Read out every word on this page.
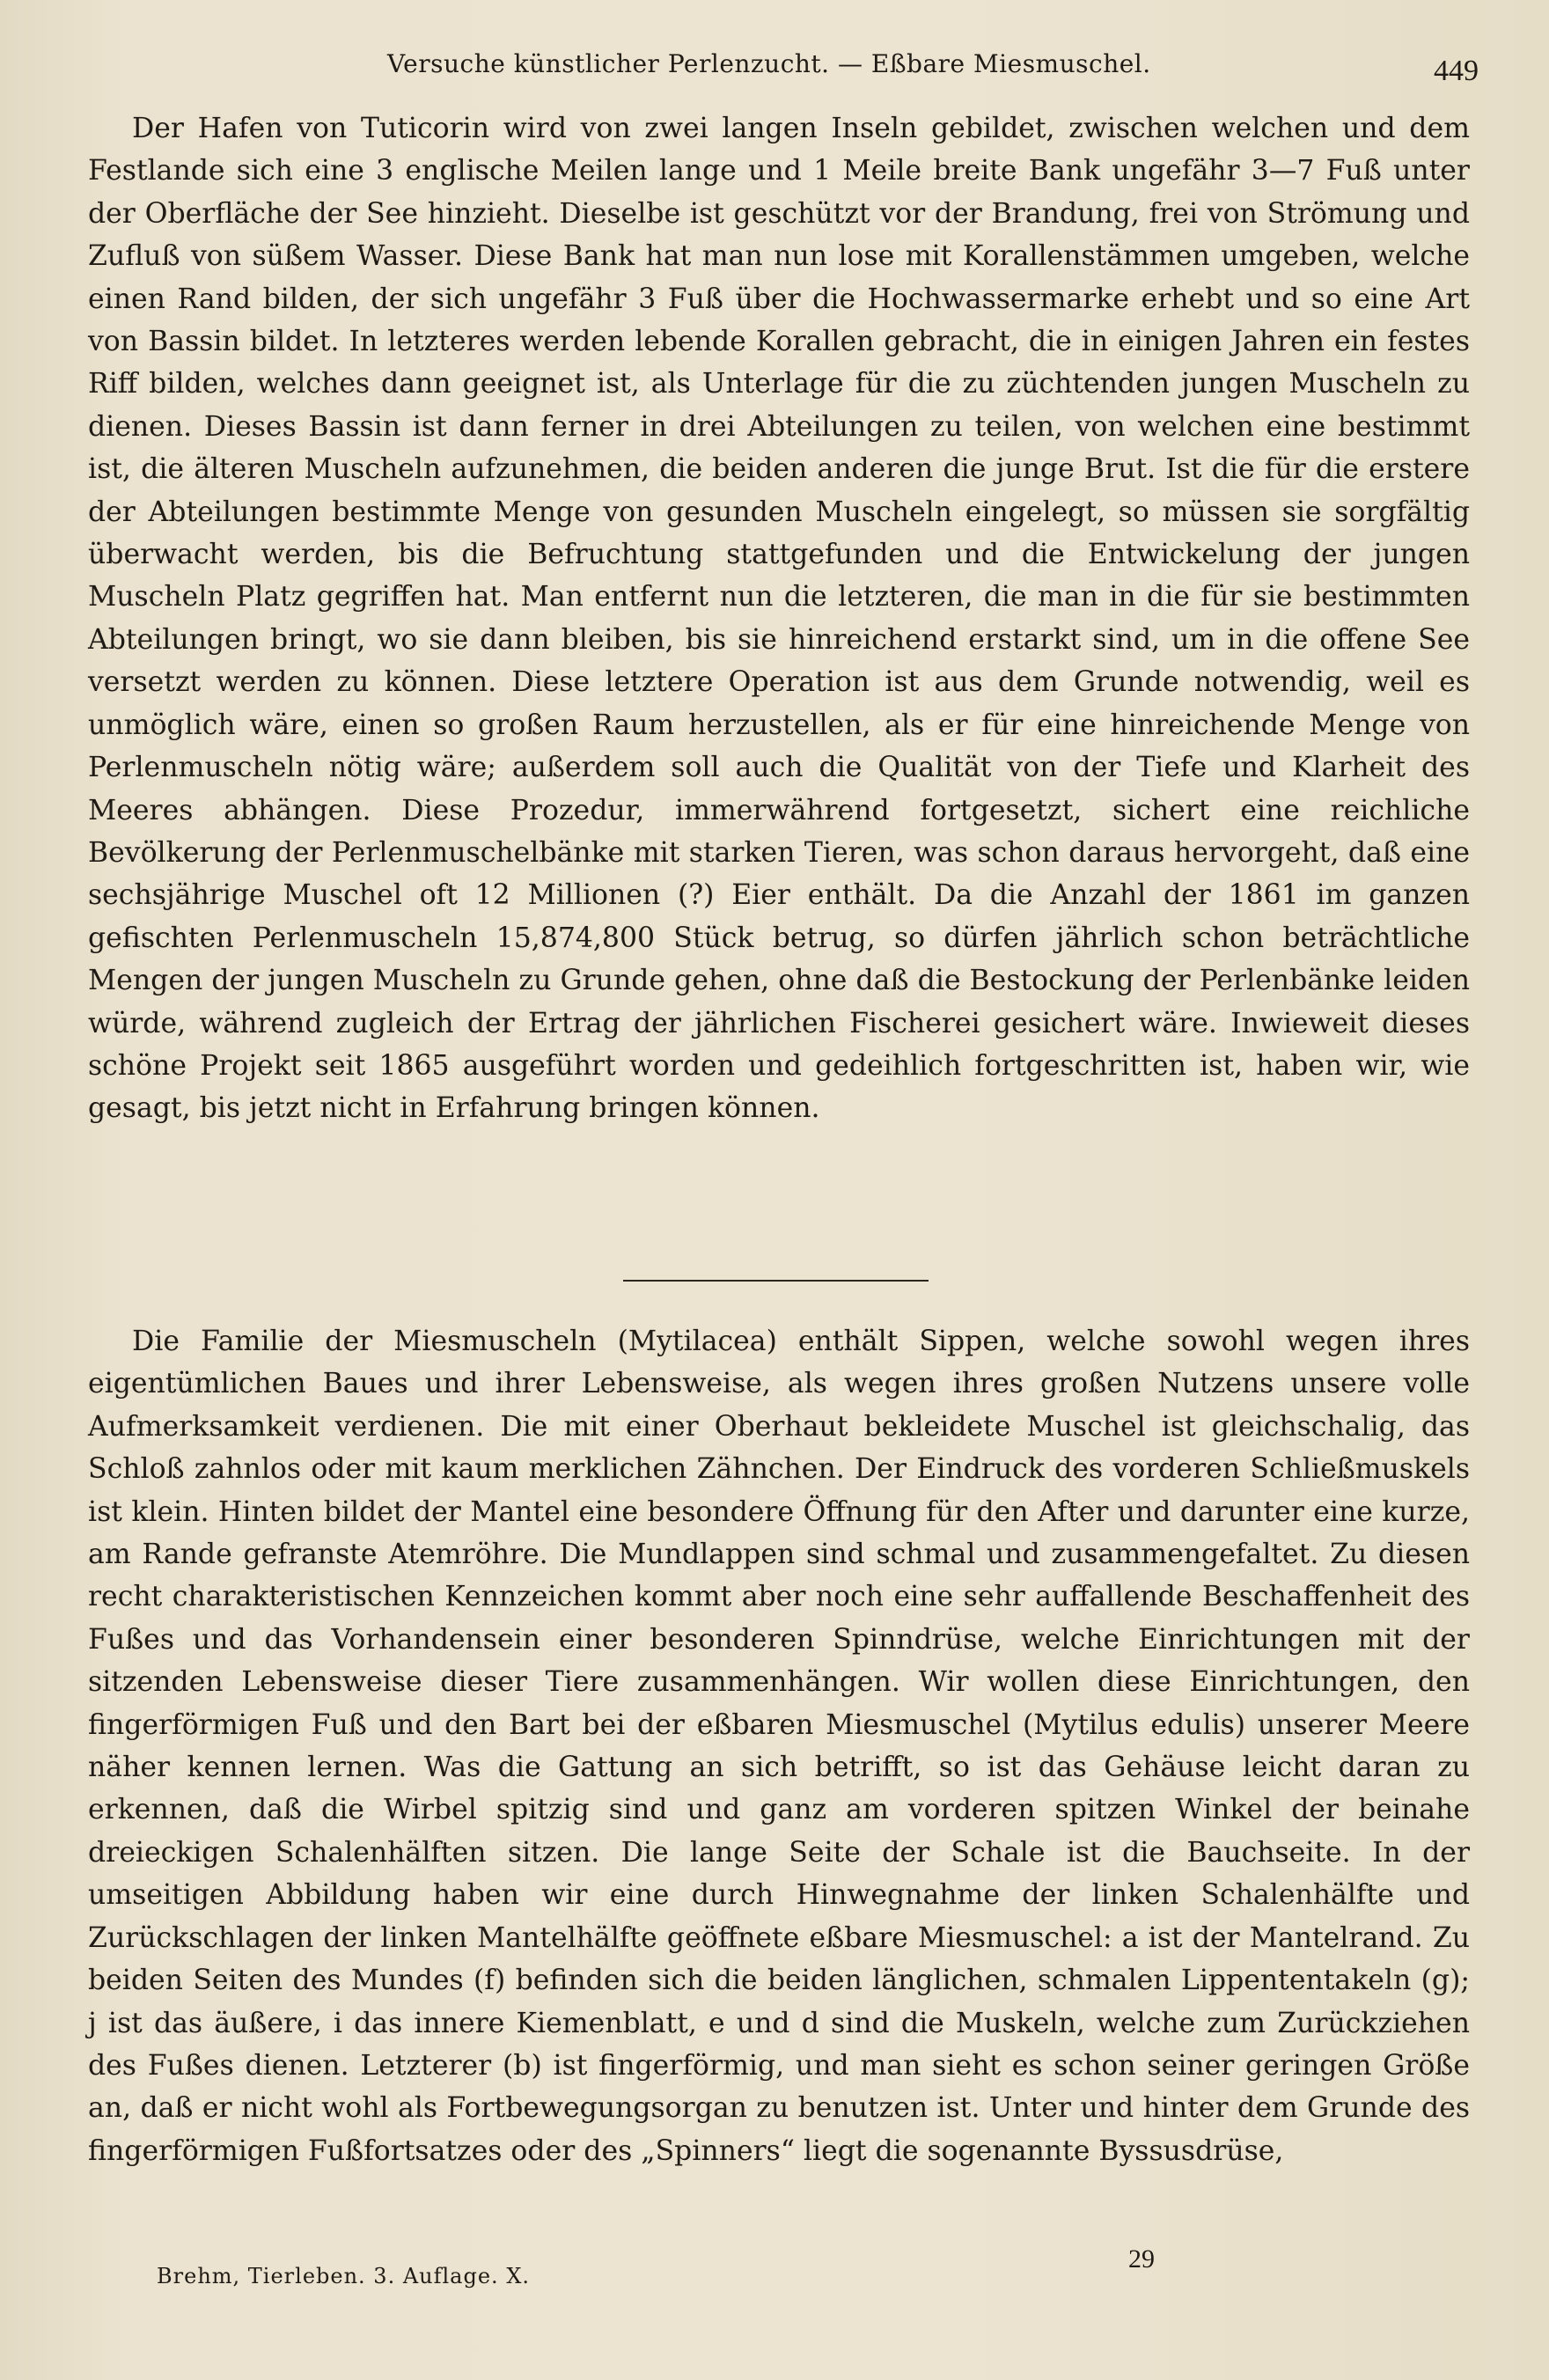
Versuche künstlicher Perlenzucht. — Eßbare Miesmuschel.	449

Der Hafen von Tuticorin wird von zwei langen Inseln gebildet, zwischen welchen und dem Festlande sich eine 3 englische Meilen lange und 1 Meile breite Bank ungefähr 3—7 Fuß unter der Oberfläche der See hinzieht. Dieselbe ist geschützt vor der Brandung, frei von Strömung und Zufluß von süßem Wasser. Diese Bank hat man nun lose mit Korallenstämmen umgeben, welche einen Rand bilden, der sich ungefähr 3 Fuß über die Hochwassermarke erhebt und so eine Art von Bassin bildet. In letzteres werden lebende Korallen gebracht, die in einigen Jahren ein festes Riff bilden, welches dann geeignet ist, als Unterlage für die zu züchtenden jungen Muscheln zu dienen. Dieses Bassin ist dann ferner in drei Abteilungen zu teilen, von welchen eine bestimmt ist, die älteren Muscheln aufzunehmen, die beiden anderen die junge Brut. Ist die für die erstere der Abteilungen bestimmte Menge von gesunden Muscheln eingelegt, so müssen sie sorgfältig überwacht werden, bis die Befruchtung stattgefunden und die Entwickelung der jungen Muscheln Platz gegriffen hat. Man entfernt nun die letzteren, die man in die für sie bestimmten Abteilungen bringt, wo sie dann bleiben, bis sie hinreichend erstarkt sind, um in die offene See versetzt werden zu können. Diese letztere Operation ist aus dem Grunde notwendig, weil es unmöglich wäre, einen so großen Raum herzustellen, als er für eine hinreichende Menge von Perlenmuscheln nötig wäre; außerdem soll auch die Qualität von der Tiefe und Klarheit des Meeres abhängen. Diese Prozedur, immerwährend fortgesetzt, sichert eine reichliche Bevölkerung der Perlenmuschelbänke mit starken Tieren, was schon daraus hervorgeht, daß eine sechsjährige Muschel oft 12 Millionen (?) Eier enthält. Da die Anzahl der 1861 im ganzen gefischten Perlenmuscheln 15,874,800 Stück betrug, so dürfen jährlich schon beträchtliche Mengen der jungen Muscheln zu Grunde gehen, ohne daß die Bestockung der Perlenbänke leiden würde, während zugleich der Ertrag der jährlichen Fischerei gesichert wäre. Inwieweit dieses schöne Projekt seit 1865 ausgeführt worden und gedeihlich fortgeschritten ist, haben wir, wie gesagt, bis jetzt nicht in Erfahrung bringen können.

Die Familie der Miesmuscheln (Mytilacea) enthält Sippen, welche sowohl wegen ihres eigentümlichen Baues und ihrer Lebensweise, als wegen ihres großen Nutzens unsere volle Aufmerksamkeit verdienen. Die mit einer Oberhaut bekleidete Muschel ist gleichschalig, das Schloß zahnlos oder mit kaum merklichen Zähnchen. Der Eindruck des vorderen Schließmuskels ist klein. Hinten bildet der Mantel eine besondere Öffnung für den After und darunter eine kurze, am Rande gefranste Atemröhre. Die Mundlappen sind schmal und zusammengefaltet. Zu diesen recht charakteristischen Kennzeichen kommt aber noch eine sehr auffallende Beschaffenheit des Fußes und das Vorhandensein einer besonderen Spinndrüse, welche Einrichtungen mit der sitzenden Lebensweise dieser Tiere zusammenhängen. Wir wollen diese Einrichtungen, den fingerförmigen Fuß und den Bart bei der eßbaren Miesmuschel (Mytilus edulis) unserer Meere näher kennen lernen. Was die Gattung an sich betrifft, so ist das Gehäuse leicht daran zu erkennen, daß die Wirbel spitzig sind und ganz am vorderen spitzen Winkel der beinahe dreieckigen Schalenhälften sitzen. Die lange Seite der Schale ist die Bauchseite. In der umseitigen Abbildung haben wir eine durch Hinwegnahme der linken Schalenhälfte und Zurückschlagen der linken Mantelhälfte geöffnete eßbare Miesmuschel: a ist der Mantelrand. Zu beiden Seiten des Mundes (f) befinden sich die beiden länglichen, schmalen Lippententakeln (g); j ist das äußere, i das innere Kiemenblatt, e und d sind die Muskeln, welche zum Zurückziehen des Fußes dienen. Letzterer (b) ist fingerförmig, und man sieht es schon seiner geringen Größe an, daß er nicht wohl als Fortbewegungsorgan zu benutzen ist. Unter und hinter dem Grunde des fingerförmigen Fußfortsatzes oder des „Spinners“ liegt die sogenannte Byssusdrüse,

Brehm, Tierleben. 3. Auflage. X.
29
